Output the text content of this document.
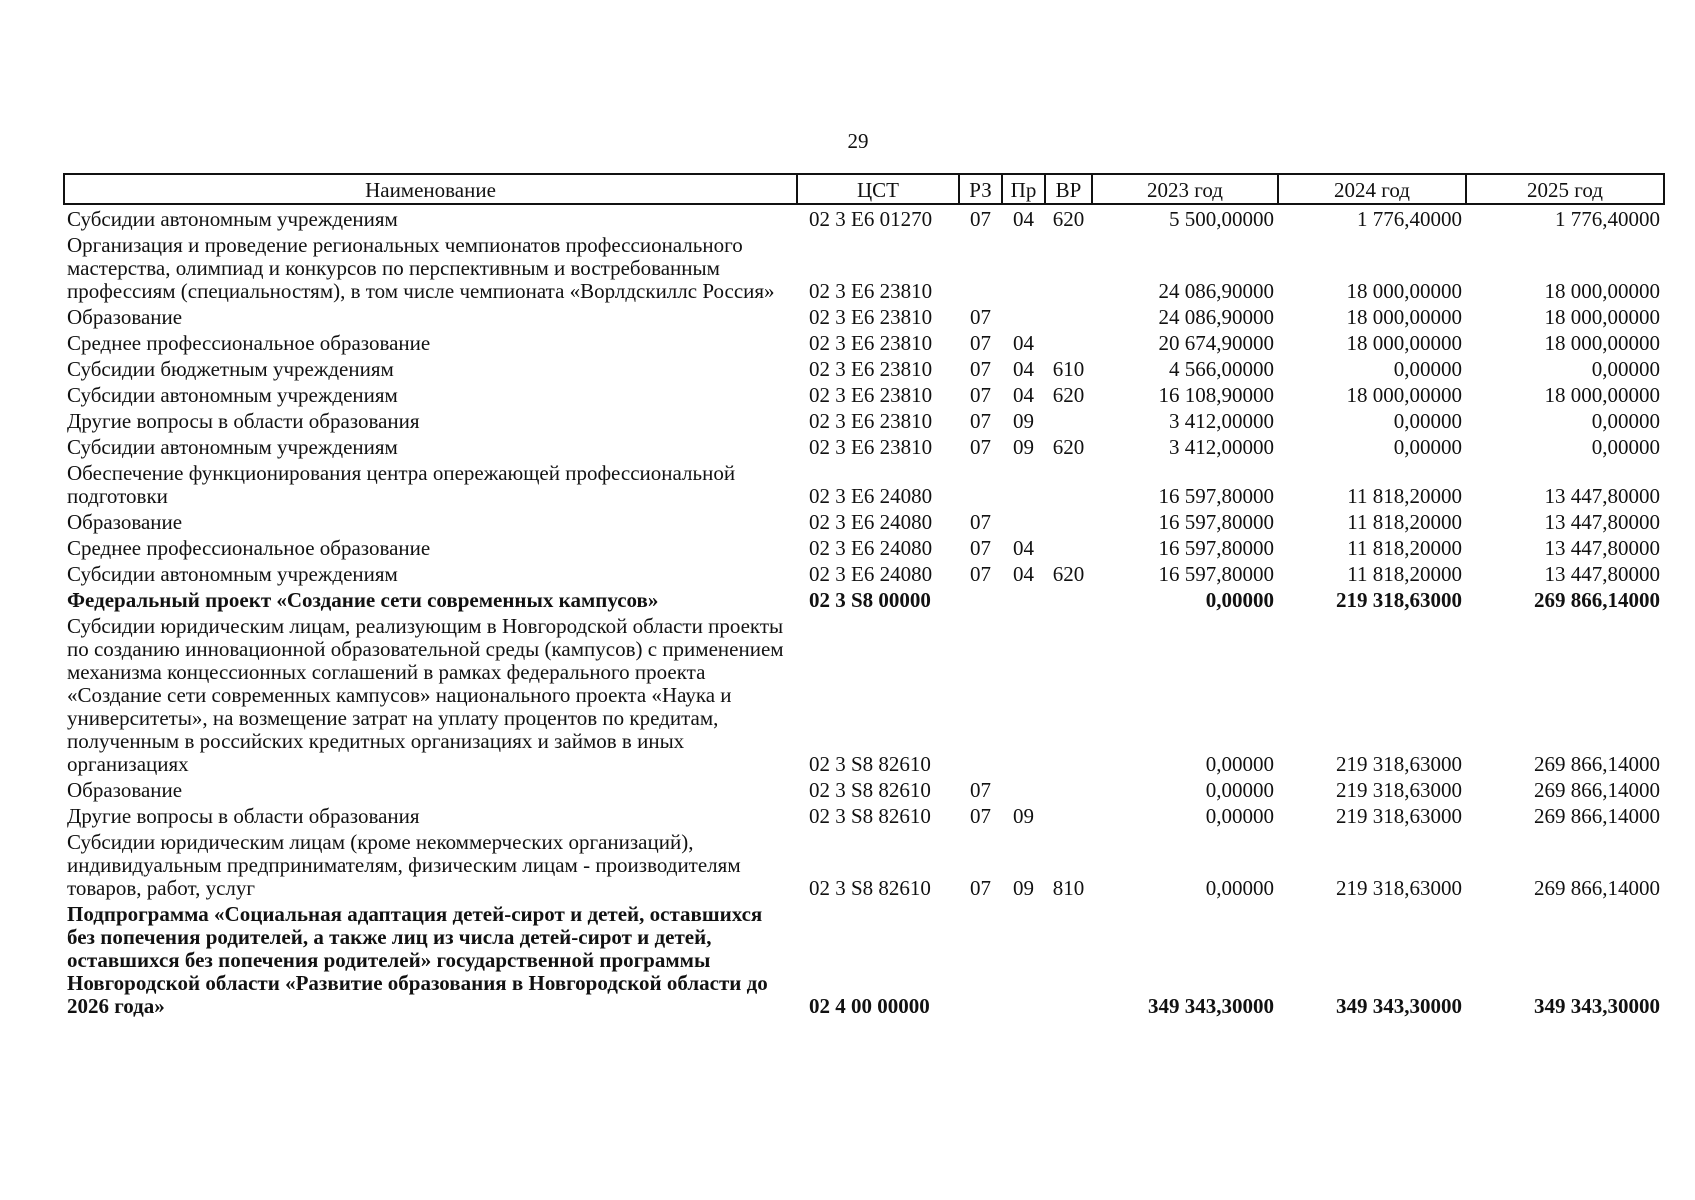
29
Наименование	ЦСТ	РЗ	Пр	ВР	2023 год	2024 год	2025 год
Субсидии автономным учреждениям	02 3 Е6 01270	07	04	620	5 500,00000	1 776,40000	1 776,40000
Организация и проведение региональных чемпионатов профессионального мастерства, олимпиад и конкурсов по перспективным и востребованным профессиям (специальностям), в том числе чемпионата «Ворлдскиллс Россия»	02 3 Е6 23810				24 086,90000	18 000,00000	18 000,00000
Образование	02 3 Е6 23810	07			24 086,90000	18 000,00000	18 000,00000
Среднее профессиональное образование	02 3 Е6 23810	07	04		20 674,90000	18 000,00000	18 000,00000
Субсидии бюджетным учреждениям	02 3 Е6 23810	07	04	610	4 566,00000	0,00000	0,00000
Субсидии автономным учреждениям	02 3 Е6 23810	07	04	620	16 108,90000	18 000,00000	18 000,00000
Другие вопросы в области образования	02 3 Е6 23810	07	09		3 412,00000	0,00000	0,00000
Субсидии автономным учреждениям	02 3 Е6 23810	07	09	620	3 412,00000	0,00000	0,00000
Обеспечение функционирования центра опережающей профессиональной подготовки	02 3 Е6 24080				16 597,80000	11 818,20000	13 447,80000
Образование	02 3 Е6 24080	07			16 597,80000	11 818,20000	13 447,80000
Среднее профессиональное образование	02 3 Е6 24080	07	04		16 597,80000	11 818,20000	13 447,80000
Субсидии автономным учреждениям	02 3 Е6 24080	07	04	620	16 597,80000	11 818,20000	13 447,80000
Федеральный проект «Создание сети современных кампусов»	02 3 S8 00000				0,00000	219 318,63000	269 866,14000
Субсидии юридическим лицам, реализующим в Новгородской области проекты по созданию инновационной образовательной среды (кампусов) с применением механизма концессионных соглашений в рамках федерального проекта «Создание сети современных кампусов» национального проекта «Наука и университеты», на возмещение затрат на уплату процентов по кредитам, полученным в российских кредитных организациях и займов в иных организациях	02 3 S8 82610				0,00000	219 318,63000	269 866,14000
Образование	02 3 S8 82610	07			0,00000	219 318,63000	269 866,14000
Другие вопросы в области образования	02 3 S8 82610	07	09		0,00000	219 318,63000	269 866,14000
Субсидии юридическим лицам (кроме некоммерческих организаций), индивидуальным предпринимателям, физическим лицам - производителям товаров, работ, услуг	02 3 S8 82610	07	09	810	0,00000	219 318,63000	269 866,14000
Подпрограмма «Социальная адаптация детей-сирот и детей, оставшихся без попечения родителей, а также лиц из числа детей-сирот и детей, оставшихся без попечения родителей» государственной программы Новгородской области «Развитие образования в Новгородской области до 2026 года»	02 4 00 00000				349 343,30000	349 343,30000	349 343,30000
